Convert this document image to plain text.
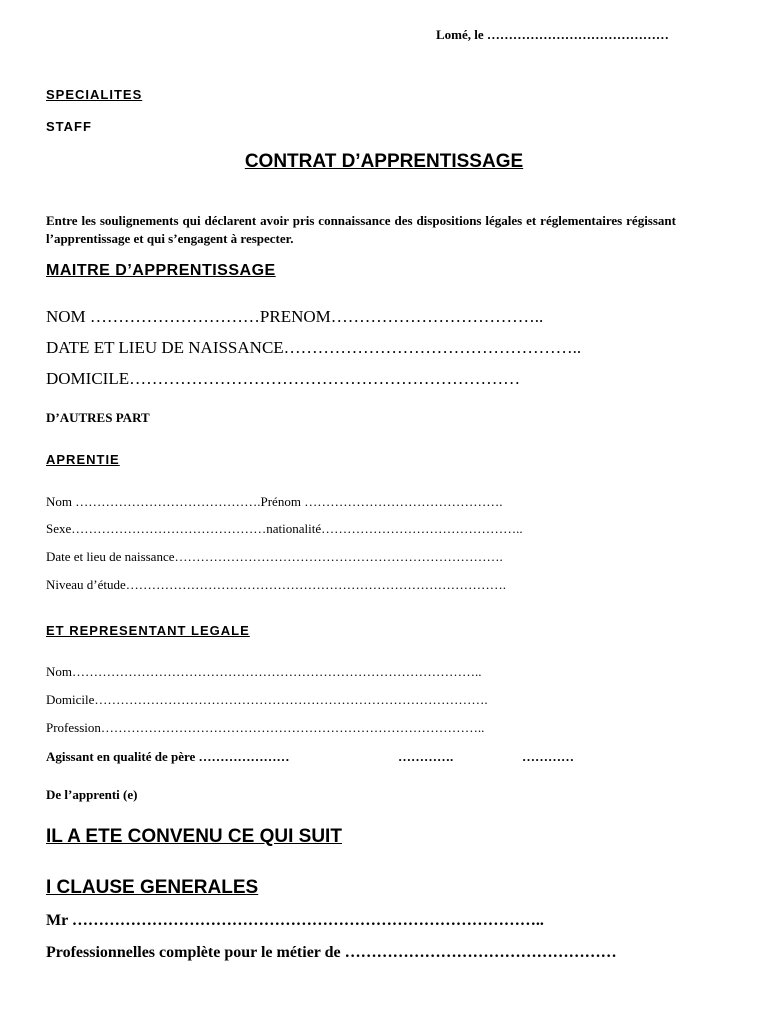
Lomé, le ……………………………………

SPECIALITES

STAFF

CONTRAT D’APPRENTISSAGE

Entre les soulignements qui déclarent avoir pris connaissance des dispositions légales et réglementaires régissant l’apprentissage et qui s’engagent à respecter.

MAITRE D’APPRENTISSAGE

NOM …………………………PRENOM………………………………..

DATE ET LIEU DE NAISSANCE……………………………………………..

DOMICILE……………………………………………………………

D’AUTRES PART

APRENTIE

Nom …………………………………….Prénom ……………………………………….

Sexe………………………………………nationalité………………………………………..

Date et lieu de naissance………………………………………………………………….

Niveau d’étude…………………………………………………………………………….

ET REPRESENTANT LEGALE

Nom…………………………………………………………………………………..

Domicile……………………………………………………………………………….

Profession……………………………………………………………………………..

Agissant en qualité de père …………………	………….	…………

De l’apprenti (e)

IL A ETE CONVENU CE QUI SUIT

I CLAUSE GENERALES

Mr ……………………………………………………………………………..

Professionnelles complète pour le métier de ……………………………………………
